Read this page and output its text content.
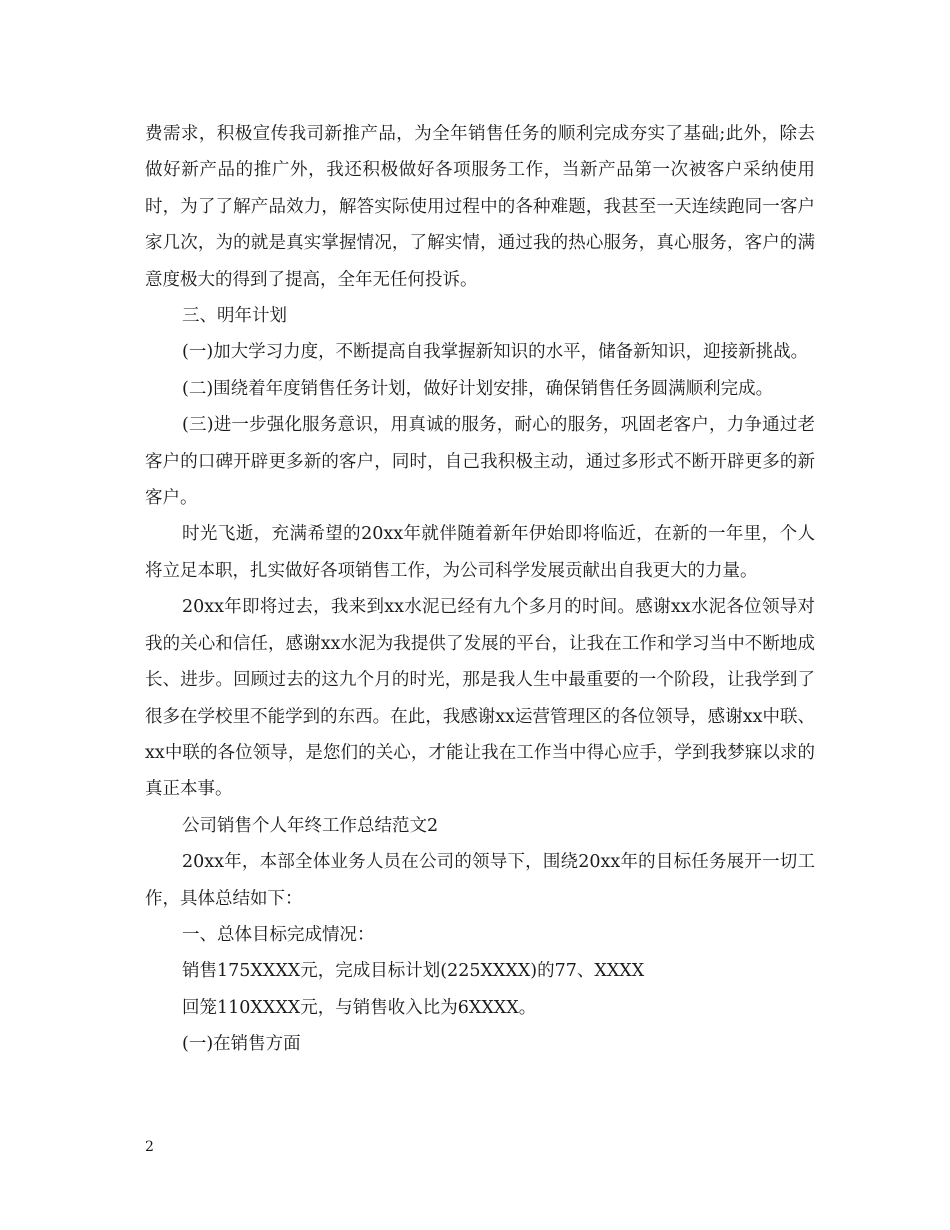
费需求，积极宣传我司新推产品，为全年销售任务的顺利完成夯实了基础;此外，除去做好新产品的推广外，我还积极做好各项服务工作，当新产品第一次被客户采纳使用时，为了了解产品效力，解答实际使用过程中的各种难题，我甚至一天连续跑同一客户家几次，为的就是真实掌握情况，了解实情，通过我的热心服务，真心服务，客户的满意度极大的得到了提高，全年无任何投诉。

三、明年计划

(一)加大学习力度，不断提高自我掌握新知识的水平，储备新知识，迎接新挑战。

(二)围绕着年度销售任务计划，做好计划安排，确保销售任务圆满顺利完成。

(三)进一步强化服务意识，用真诚的服务，耐心的服务，巩固老客户，力争通过老客户的口碑开辟更多新的客户，同时，自己我积极主动，通过多形式不断开辟更多的新客户。

时光飞逝，充满希望的20xx年就伴随着新年伊始即将临近，在新的一年里，个人将立足本职，扎实做好各项销售工作，为公司科学发展贡献出自我更大的力量。

20xx年即将过去，我来到xx水泥已经有九个多月的时间。感谢xx水泥各位领导对我的关心和信任，感谢xx水泥为我提供了发展的平台，让我在工作和学习当中不断地成长、进步。回顾过去的这九个月的时光，那是我人生中最重要的一个阶段，让我学到了很多在学校里不能学到的东西。在此，我感谢xx运营管理区的各位领导，感谢xx中联、xx中联的各位领导，是您们的关心，才能让我在工作当中得心应手，学到我梦寐以求的真正本事。

公司销售个人年终工作总结范文2

20xx年，本部全体业务人员在公司的领导下，围绕20xx年的目标任务展开一切工作，具体总结如下：

一、总体目标完成情况：

销售175XXXX元，完成目标计划(225XXXX)的77、XXXX

回笼110XXXX元，与销售收入比为6XXXX。

(一)在销售方面

2
